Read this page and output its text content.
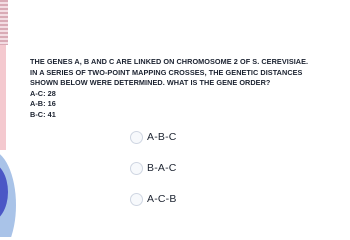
THE GENES A, B AND C ARE LINKED ON CHROMOSOME 2 OF S. CEREVISIAE.
IN A SERIES OF TWO-POINT MAPPING CROSSES, THE GENETIC DISTANCES
SHOWN BELOW WERE DETERMINED. WHAT IS THE GENE ORDER?
A-C: 28
A-B: 16
B-C: 41
A-B-C
B-A-C
A-C-B
